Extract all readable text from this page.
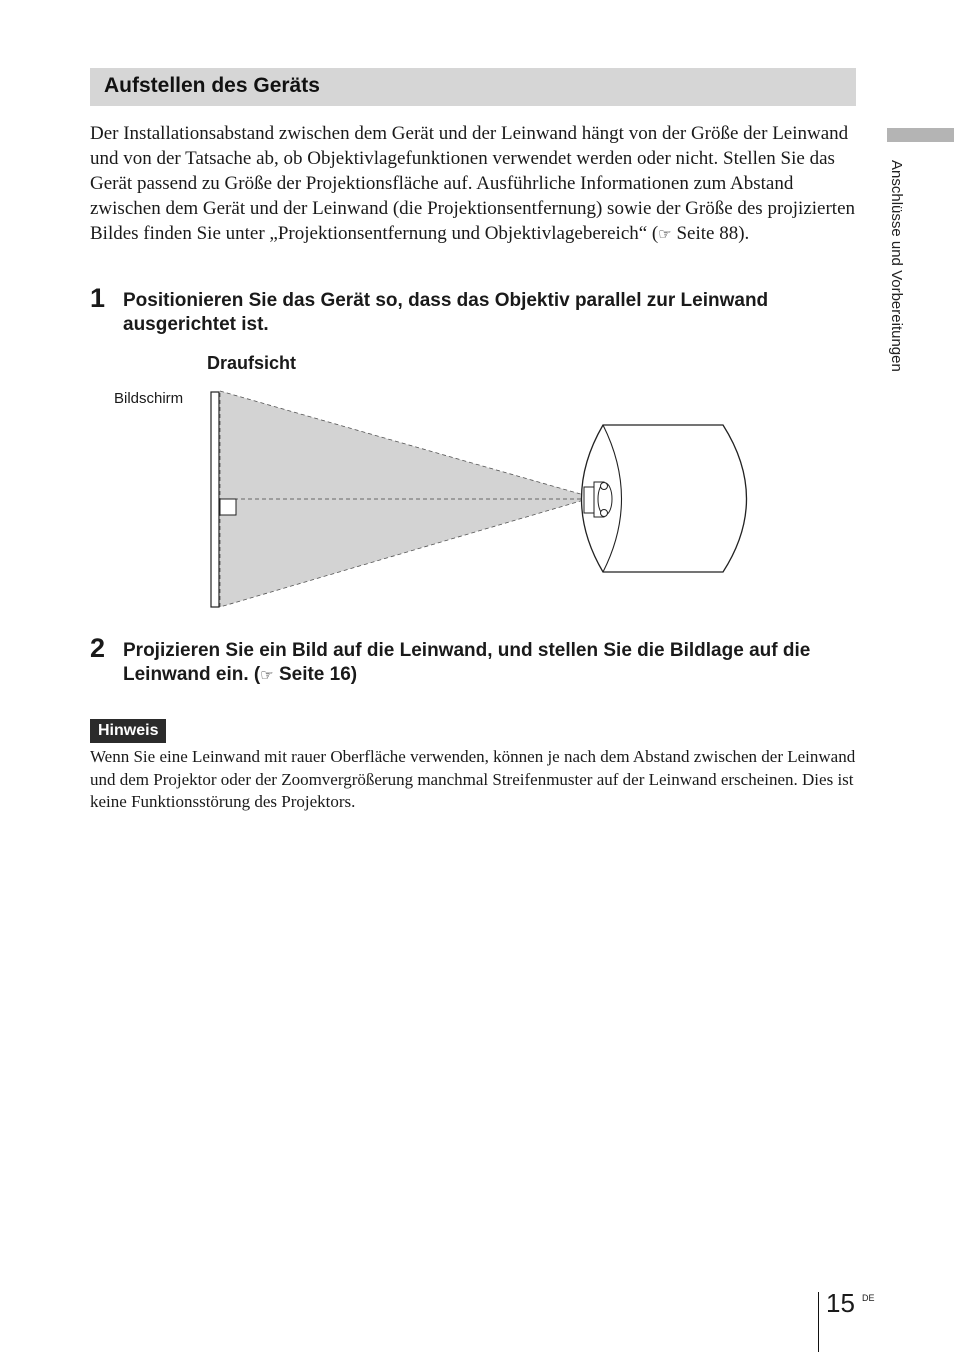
Aufstellen des Geräts

Der Installationsabstand zwischen dem Gerät und der Leinwand hängt von der Größe der Leinwand und von der Tatsache ab, ob Objektivlagefunktionen verwendet werden oder nicht. Stellen Sie das Gerät passend zu Größe der Projektionsfläche auf. Ausführliche Informationen zum Abstand zwischen dem Gerät und der Leinwand (die Projektionsentfernung) sowie der Größe des projizierten Bildes finden Sie unter „Projektionsentfernung und Objektivlagebereich“ (☞ Seite 88).

1 Positionieren Sie das Gerät so, dass das Objektiv parallel zur Leinwand ausgerichtet ist.
Draufsicht
Bildschirm
2 Projizieren Sie ein Bild auf die Leinwand, und stellen Sie die Bildlage auf die Leinwand ein. (☞ Seite 16)
Hinweis

Wenn Sie eine Leinwand mit rauer Oberfläche verwenden, können je nach dem Abstand zwischen der Leinwand und dem Projektor oder der Zoomvergrößerung manchmal Streifenmuster auf der Leinwand erscheinen. Dies ist keine Funktionsstörung des Projektors.

Anschlüsse und Vorbereitungen
15 DE
